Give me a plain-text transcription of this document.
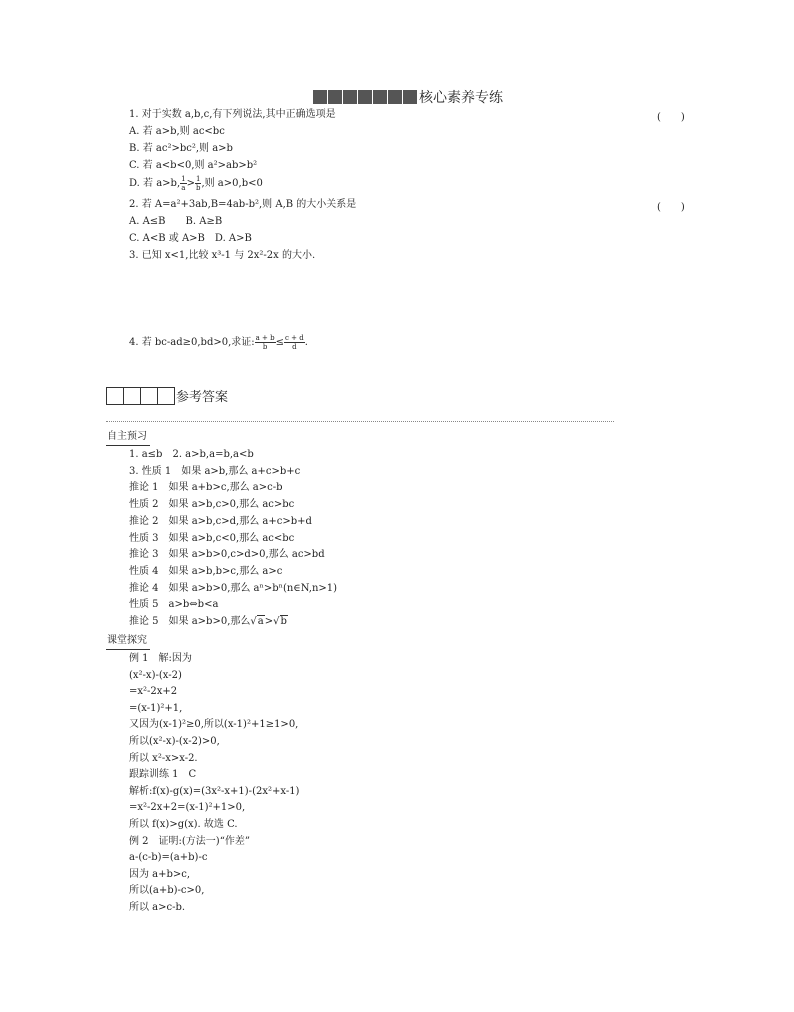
核心素养专练
1. 对于实数 a,b,c,有下列说法,其中正确选项是	(　　)
A. 若 a>b,则 ac<bc
B. 若 ac²>bc²,则 a>b
C. 若 a<b<0,则 a²>ab>b²
D. 若 a>b, $\frac{1}{a} > \frac{1}{b}$ ,则 a>0,b<0
2. 若 A=a²+3ab,B=4ab-b²,则 A,B 的大小关系是	(　　)
A. A≤B　　B. A≥B
C. A<B 或 A>B　D. A>B
3. 已知 x<1,比较 x³-1 与 2x²-2x 的大小.
4. 若 bc-ad≥0,bd>0,求证: $\frac{a + b}{b} \le \frac{c + d}{d}$ .
参考答案
自主预习
1. a≤b　2. a>b,a=b,a<b
3. 性质 1　如果 a>b,那么 a+c>b+c
推论 1　如果 a+b>c,那么 a>c-b
性质 2　如果 a>b,c>0,那么 ac>bc
推论 2　如果 a>b,c>d,那么 a+c>b+d
性质 3　如果 a>b,c<0,那么 ac<bc
推论 3　如果 a>b>0,c>d>0,那么 ac>bd
性质 4　如果 a>b,b>c,那么 a>c
推论 4　如果 a>b>0,那么 aⁿ>bⁿ(n∈N,n>1)
性质 5　a>b⇔b<a
推论 5　如果 a>b>0,那么√a>√b
课堂探究
例 1　解:因为
(x²-x)-(x-2)
=x²-2x+2
=(x-1)²+1,
又因为(x-1)²≥0,所以(x-1)²+1≥1>0,
所以(x²-x)-(x-2)>0,
所以 x²-x>x-2.
跟踪训练 1　C
解析:f(x)-g(x)=(3x²-x+1)-(2x²+x-1)
=x²-2x+2=(x-1)²+1>0,
所以 f(x)>g(x). 故选 C.
例 2　证明:(方法一)“作差”
a-(c-b)=(a+b)-c
因为 a+b>c,
所以(a+b)-c>0,
所以 a>c-b.
